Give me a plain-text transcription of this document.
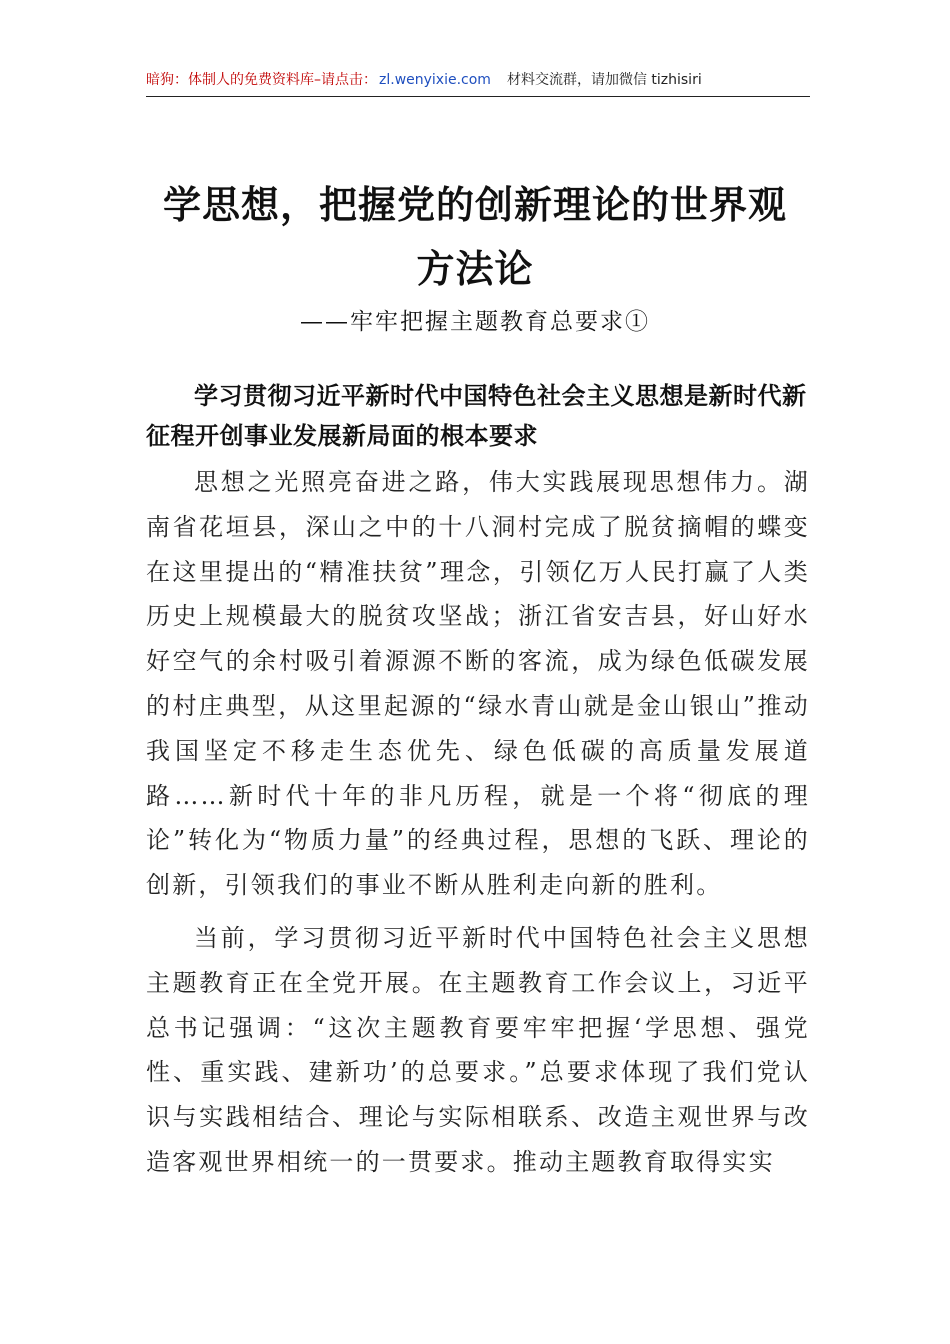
暗狗：体制人的免费资料库–请点击： zl.wenyixie.com 材料交流群，请加微信 tizhisiri
学思想，把握党的创新理论的世界观方法论
——牢牢把握主题教育总要求①

学习贯彻习近平新时代中国特色社会主义思想是新时代新征程开创事业发展新局面的根本要求

思想之光照亮奋进之路，伟大实践展现思想伟力。湖南省花垣县，深山之中的十八洞村完成了脱贫摘帽的蝶变在这里提出的“精准扶贫”理念，引领亿万人民打赢了人类历史上规模最大的脱贫攻坚战；浙江省安吉县，好山好水好空气的余村吸引着源源不断的客流，成为绿色低碳发展的村庄典型，从这里起源的“绿水青山就是金山银山”推动我国坚定不移走生态优先、绿色低碳的高质量发展道路……新时代十年的非凡历程，就是一个将“彻底的理论”转化为“物质力量”的经典过程，思想的飞跃、理论的创新，引领我们的事业不断从胜利走向新的胜利。

当前，学习贯彻习近平新时代中国特色社会主义思想主题教育正在全党开展。在主题教育工作会议上，习近平总书记强调：“这次主题教育要牢牢把握‘学思想、强党性、重实践、建新功’的总要求。”总要求体现了我们党认识与实践相结合、理论与实际相联系、改造主观世界与改造客观世界相统一的一贯要求。推动主题教育取得实实
